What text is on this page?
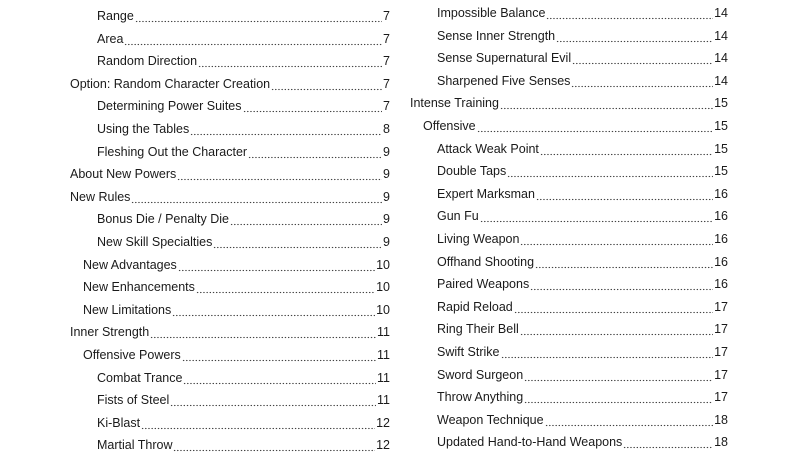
Range	7
Area	7
Random Direction	7
Option: Random Character Creation	7
Determining Power Suites	7
Using the Tables	8
Fleshing Out the Character	9
About New Powers	9
New Rules	9
Bonus Die / Penalty Die	9
New Skill Specialties	9
New Advantages	10
New Enhancements	10
New Limitations	10
Inner Strength	11
Offensive Powers	11
Combat Trance	11
Fists of Steel	11
Ki-Blast	12
Martial Throw	12
Impossible Balance	14
Sense Inner Strength	14
Sense Supernatural Evil	14
Sharpened Five Senses	14
Intense Training	15
Offensive	15
Attack Weak Point	15
Double Taps	15
Expert Marksman	16
Gun Fu	16
Living Weapon	16
Offhand Shooting	16
Paired Weapons	16
Rapid Reload	17
Ring Their Bell	17
Swift Strike	17
Sword Surgeon	17
Throw Anything	17
Weapon Technique	18
Updated Hand-to-Hand Weapons	18
